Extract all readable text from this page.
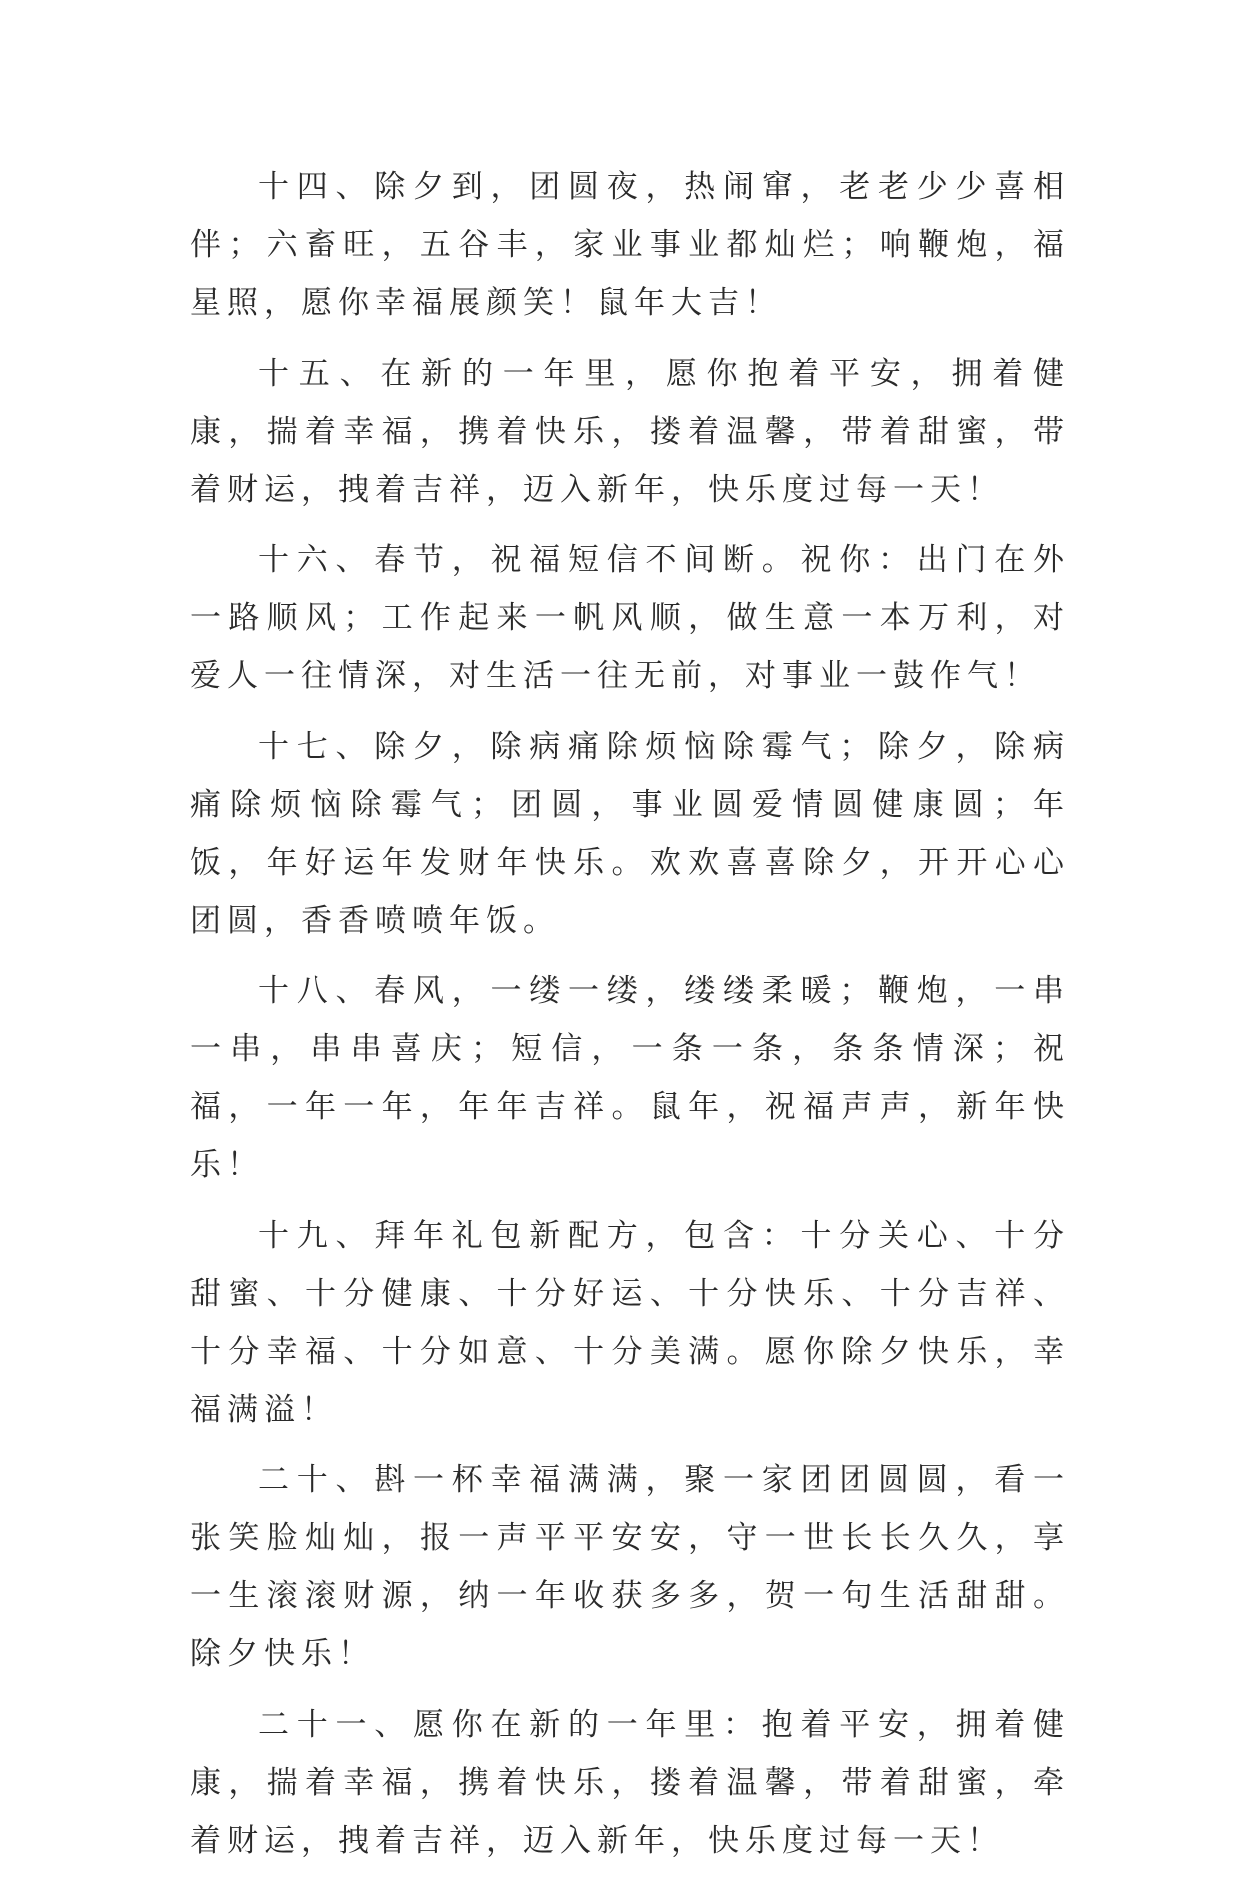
十四、除夕到，团圆夜，热闹窜，老老少少喜相伴；六畜旺，五谷丰，家业事业都灿烂；响鞭炮，福星照，愿你幸福展颜笑！鼠年大吉！

十五、在新的一年里，愿你抱着平安，拥着健康，揣着幸福，携着快乐，搂着温馨，带着甜蜜，带着财运，拽着吉祥，迈入新年，快乐度过每一天！

十六、春节，祝福短信不间断。祝你：出门在外一路顺风；工作起来一帆风顺，做生意一本万利，对爱人一往情深，对生活一往无前，对事业一鼓作气！

十七、除夕，除病痛除烦恼除霉气；除夕，除病痛除烦恼除霉气；团圆，事业圆爱情圆健康圆；年饭，年好运年发财年快乐。欢欢喜喜除夕，开开心心团圆，香香喷喷年饭。

十八、春风，一缕一缕，缕缕柔暖；鞭炮，一串一串，串串喜庆；短信，一条一条，条条情深；祝福，一年一年，年年吉祥。鼠年，祝福声声，新年快乐！

十九、拜年礼包新配方，包含：十分关心、十分甜蜜、十分健康、十分好运、十分快乐、十分吉祥、十分幸福、十分如意、十分美满。愿你除夕快乐，幸福满溢！

二十、斟一杯幸福满满，聚一家团团圆圆，看一张笑脸灿灿，报一声平平安安，守一世长长久久，享一生滚滚财源，纳一年收获多多，贺一句生活甜甜。除夕快乐！

二十一、愿你在新的一年里：抱着平安，拥着健康，揣着幸福，携着快乐，搂着温馨，带着甜蜜，牵着财运，拽着吉祥，迈入新年，快乐度过每一天！
